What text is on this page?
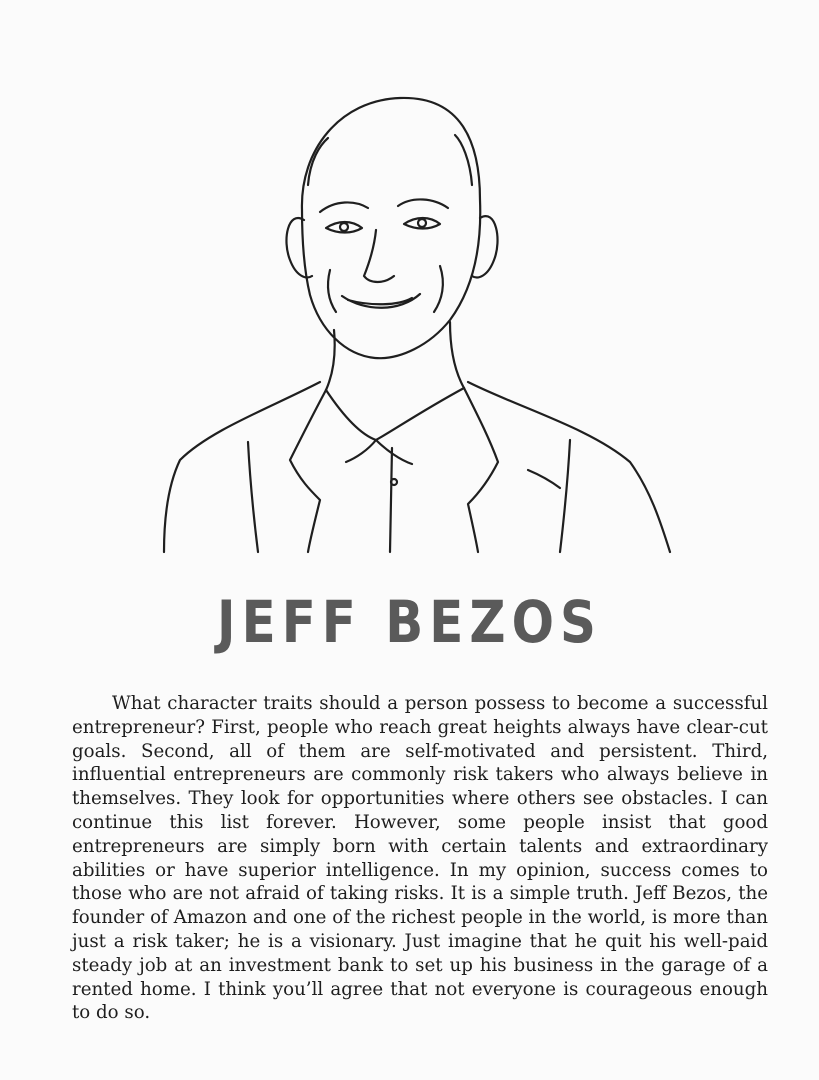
JEFF BEZOS

What character traits should a person possess to become a successful entrepreneur? First, people who reach great heights always have clear-cut goals. Second, all of them are self-motivated and persistent. Third, influential entrepreneurs are commonly risk takers who always believe in themselves. They look for opportunities where others see obstacles. I can continue this list forever. However, some people insist that good entrepreneurs are simply born with certain talents and extraordinary abilities or have superior intelligence. In my opinion, success comes to those who are not afraid of taking risks. It is a simple truth. Jeff Bezos, the founder of Amazon and one of the richest people in the world, is more than just a risk taker; he is a visionary. Just imagine that he quit his well-paid steady job at an investment bank to set up his business in the garage of a rented home. I think you’ll agree that not everyone is courageous enough to do so.
